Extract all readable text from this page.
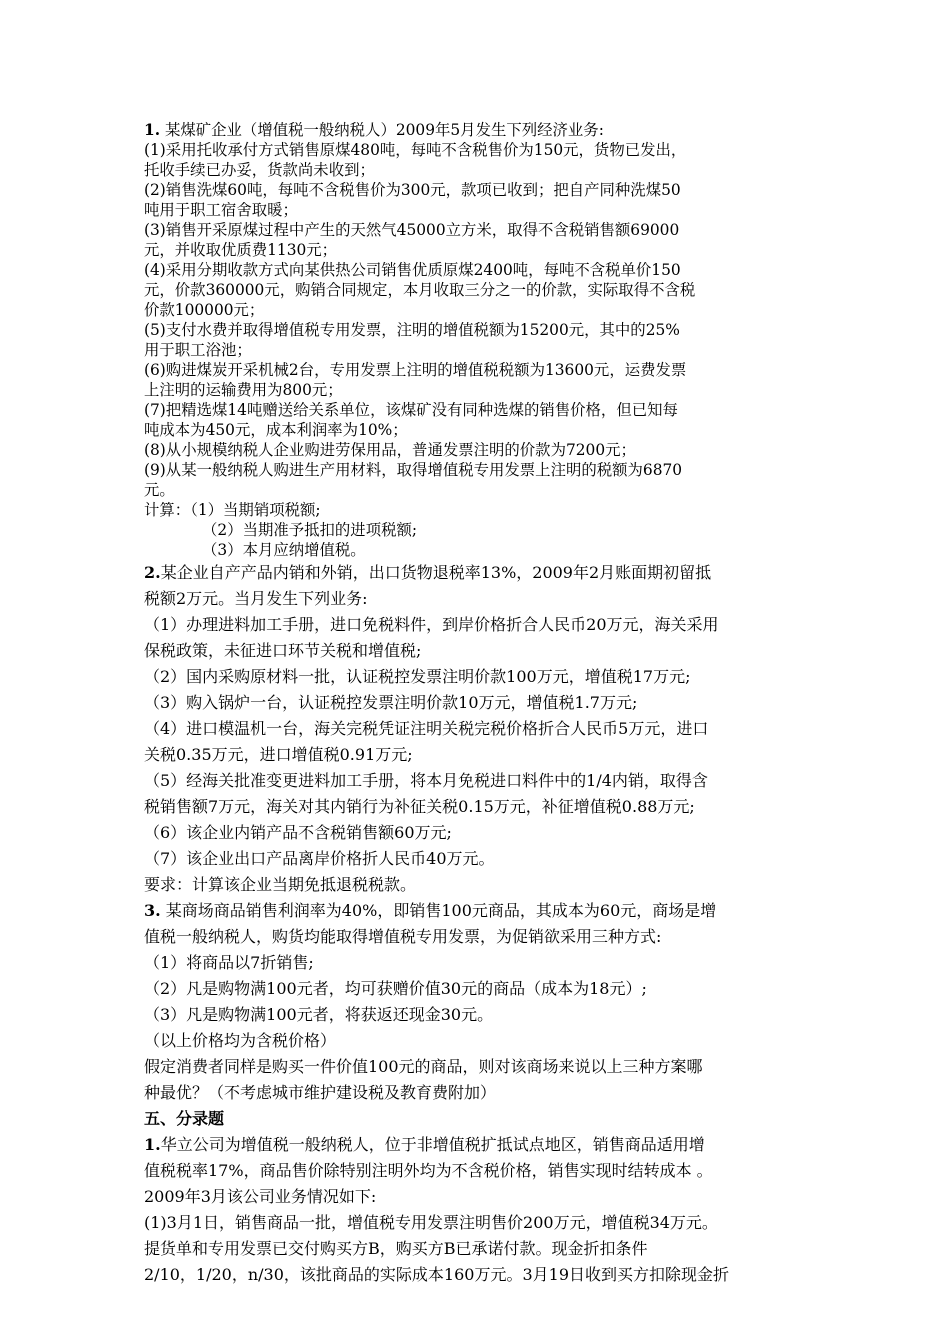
1. 某煤矿企业（增值税一般纳税人）2009年5月发生下列经济业务:
(1)采用托收承付方式销售原煤480吨，每吨不含税售价为150元，货物已发出，
托收手续已办妥，货款尚未收到；
(2)销售洗煤60吨，每吨不含税售价为300元，款项已收到；把自产同种洗煤50
吨用于职工宿舍取暖；
(3)销售开采原煤过程中产生的天然气45000立方米，取得不含税销售额69000
元，并收取优质费1130元；
(4)采用分期收款方式向某供热公司销售优质原煤2400吨，每吨不含税单价150
元，价款360000元，购销合同规定，本月收取三分之一的价款，实际取得不含税
价款100000元；
(5)支付水费并取得增值税专用发票，注明的增值税额为15200元，其中的25%
用于职工浴池；
(6)购进煤炭开采机械2台，专用发票上注明的增值税税额为13600元，运费发票
上注明的运输费用为800元；
(7)把精选煤14吨赠送给关系单位，该煤矿没有同种选煤的销售价格，但已知每
吨成本为450元，成本利润率为10%；
(8)从小规模纳税人企业购进劳保用品，普通发票注明的价款为7200元；
(9)从某一般纳税人购进生产用材料，取得增值税专用发票上注明的税额为6870
元。
计算：（1）当期销项税额;
（2）当期准予抵扣的进项税额;
（3）本月应纳增值税。
2.某企业自产产品内销和外销，出口货物退税率13%，2009年2月账面期初留抵
税额2万元。当月发生下列业务:
（1）办理进料加工手册，进口免税料件，到岸价格折合人民币20万元，海关采用
保税政策，未征进口环节关税和增值税;
（2）国内采购原材料一批，认证税控发票注明价款100万元，增值税17万元;
（3）购入锅炉一台，认证税控发票注明价款10万元，增值税1.7万元;
（4）进口模温机一台，海关完税凭证注明关税完税价格折合人民币5万元，进口
关税0.35万元，进口增值税0.91万元;
（5）经海关批准变更进料加工手册，将本月免税进口料件中的1/4内销，取得含
税销售额7万元，海关对其内销行为补征关税0.15万元，补征增值税0.88万元;
（6）该企业内销产品不含税销售额60万元;
（7）该企业出口产品离岸价格折人民币40万元。
要求：计算该企业当期免抵退税税款。
3. 某商场商品销售利润率为40%，即销售100元商品，其成本为60元，商场是增
值税一般纳税人，购货均能取得增值税专用发票，为促销欲采用三种方式:
（1）将商品以7折销售;
（2）凡是购物满100元者，均可获赠价值30元的商品（成本为18元）;
（3）凡是购物满100元者，将获返还现金30元。
（以上价格均为含税价格）
假定消费者同样是购买一件价值100元的商品，则对该商场来说以上三种方案哪
种最优？（不考虑城市维护建设税及教育费附加）
五、分录题
1.华立公司为增值税一般纳税人，位于非增值税扩抵试点地区，销售商品适用增
值税税率17%，商品售价除特别注明外均为不含税价格，销售实现时结转成本 。
2009年3月该公司业务情况如下:
(1)3月1日，销售商品一批，增值税专用发票注明售价200万元，增值税34万元。
提货单和专用发票已交付购买方B，购买方B已承诺付款。现金折扣条件
2/10，1/20，n/30，该批商品的实际成本160万元。3月19日收到买方扣除现金折
